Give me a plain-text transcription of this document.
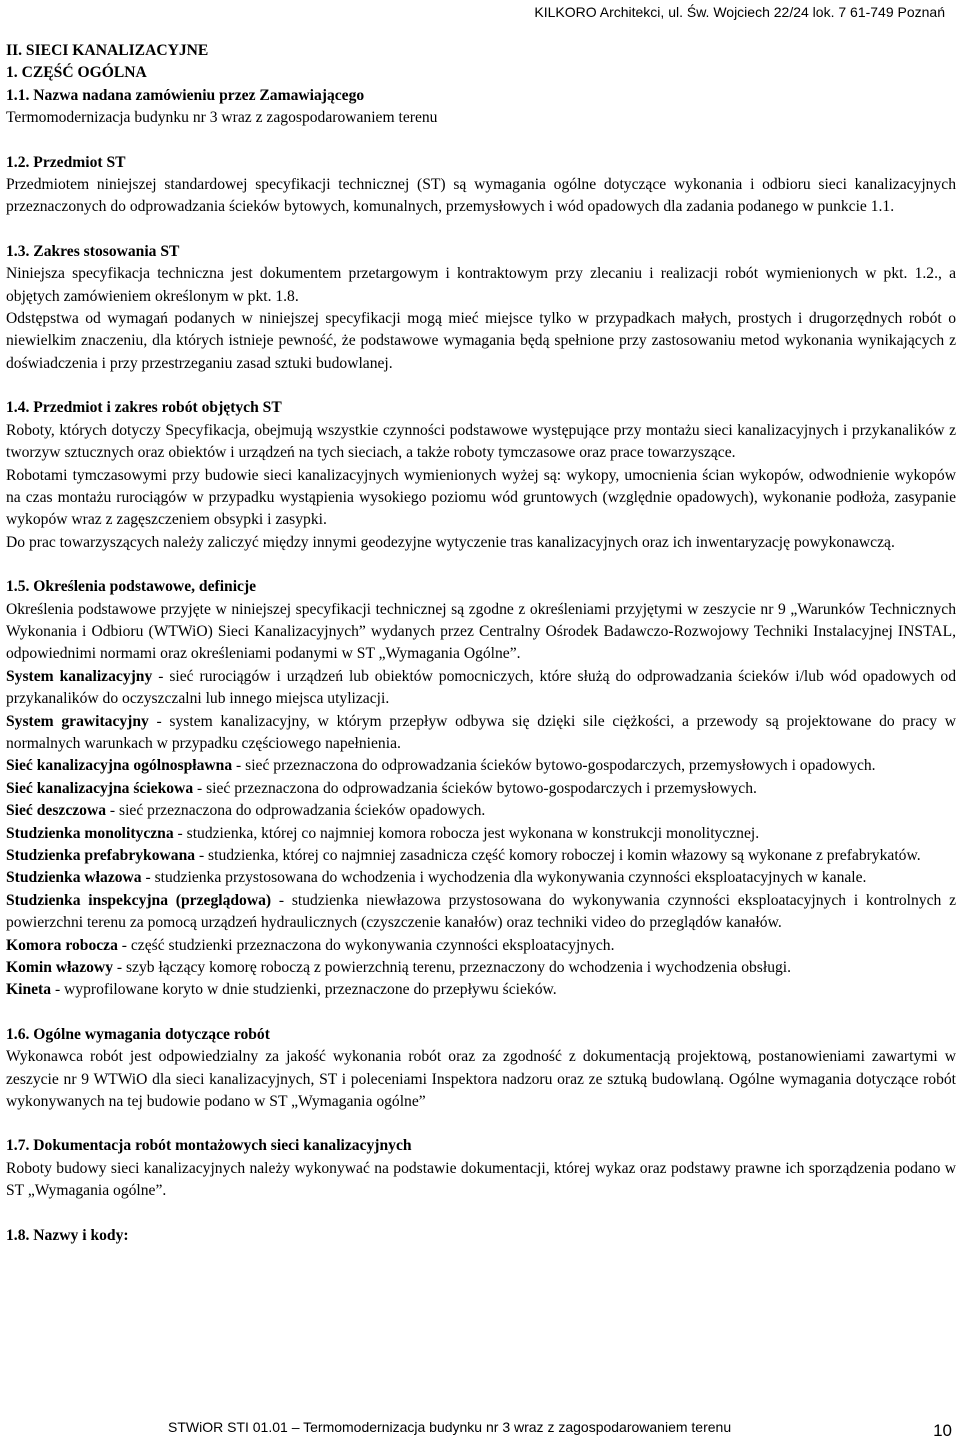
KILKORO Architekci, ul. Św. Wojciech 22/24 lok. 7 61-749 Poznań
II. SIECI KANALIZACYJNE
1. CZĘŚĆ OGÓLNA
1.1. Nazwa nadana zamówieniu przez Zamawiającego
Termomodernizacja budynku nr 3 wraz z zagospodarowaniem terenu
1.2. Przedmiot ST
Przedmiotem niniejszej standardowej specyfikacji technicznej (ST) są wymagania ogólne dotyczące wykonania i odbioru sieci kanalizacyjnych przeznaczonych do odprowadzania ścieków bytowych, komunalnych, przemysłowych i wód opadowych dla zadania podanego w punkcie 1.1.
1.3. Zakres stosowania ST
Niniejsza specyfikacja techniczna jest dokumentem przetargowym i kontraktowym przy zlecaniu i realizacji robót wymienionych w pkt. 1.2., a objętych zamówieniem określonym w pkt. 1.8.
Odstępstwa od wymagań podanych w niniejszej specyfikacji mogą mieć miejsce tylko w przypadkach małych, prostych i drugorzędnych robót o niewielkim znaczeniu, dla których istnieje pewność, że podstawowe wymagania będą spełnione przy zastosowaniu metod wykonania wynikających z doświadczenia i przy przestrzeganiu zasad sztuki budowlanej.
1.4. Przedmiot i zakres robót objętych ST
Roboty, których dotyczy Specyfikacja, obejmują wszystkie czynności podstawowe występujące przy montażu sieci kanalizacyjnych i przykanalików z tworzyw sztucznych oraz obiektów i urządzeń na tych sieciach, a także roboty tymczasowe oraz prace towarzyszące.
Robotami tymczasowymi przy budowie sieci kanalizacyjnych wymienionych wyżej są: wykopy, umocnienia ścian wykopów, odwodnienie wykopów na czas montażu rurociągów w przypadku wystąpienia wysokiego poziomu wód gruntowych (względnie opadowych), wykonanie podłoża, zasypanie wykopów wraz z zagęszczeniem obsypki i zasypki.
Do prac towarzyszących należy zaliczyć między innymi geodezyjne wytyczenie tras kanalizacyjnych oraz ich inwentaryzację powykonawczą.
1.5. Określenia podstawowe, definicje
Określenia podstawowe przyjęte w niniejszej specyfikacji technicznej są zgodne z określeniami przyjętymi w zeszycie nr 9 „Warunków Technicznych Wykonania i Odbioru (WTWiO) Sieci Kanalizacyjnych” wydanych przez Centralny Ośrodek Badawczo-Rozwojowy Techniki Instalacyjnej INSTAL, odpowiednimi normami oraz określeniami podanymi w ST „Wymagania Ogólne”.
System kanalizacyjny - sieć rurociągów i urządzeń lub obiektów pomocniczych, które służą do odprowadzania ścieków i/lub wód opadowych od przykanalików do oczyszczalni lub innego miejsca utylizacji.
System grawitacyjny - system kanalizacyjny, w którym przepływ odbywa się dzięki sile ciężkości, a przewody są projektowane do pracy w normalnych warunkach w przypadku częściowego napełnienia.
Sieć kanalizacyjna ogólnospławna - sieć przeznaczona do odprowadzania ścieków bytowo-gospodarczych, przemysłowych i opadowych.
Sieć kanalizacyjna ściekowa - sieć przeznaczona do odprowadzania ścieków bytowo-gospodarczych i przemysłowych.
Sieć deszczowa - sieć przeznaczona do odprowadzania ścieków opadowych.
Studzienka monolityczna - studzienka, której co najmniej komora robocza jest wykonana w konstrukcji monolitycznej.
Studzienka prefabrykowana - studzienka, której co najmniej zasadnicza część komory roboczej i komin włazowy są wykonane z prefabrykatów.
Studzienka włazowa - studzienka przystosowana do wchodzenia i wychodzenia dla wykonywania czynności eksploatacyjnych w kanale.
Studzienka inspekcyjna (przeglądowa) - studzienka niewłazowa przystosowana do wykonywania czynności eksploatacyjnych i kontrolnych z powierzchni terenu za pomocą urządzeń hydraulicznych (czyszczenie kanałów) oraz techniki video do przeglądów kanałów.
Komora robocza - część studzienki przeznaczona do wykonywania czynności eksploatacyjnych.
Komin włazowy - szyb łączący komorę roboczą z powierzchnią terenu, przeznaczony do wchodzenia i wychodzenia obsługi.
Kineta - wyprofilowane koryto w dnie studzienki, przeznaczone do przepływu ścieków.
1.6. Ogólne wymagania dotyczące robót
Wykonawca robót jest odpowiedzialny za jakość wykonania robót oraz za zgodność z dokumentacją projektową, postanowieniami zawartymi w zeszycie nr 9 WTWiO dla sieci kanalizacyjnych, ST i poleceniami Inspektora nadzoru oraz ze sztuką budowlaną. Ogólne wymagania dotyczące robót wykonywanych na tej budowie podano w ST „Wymagania ogólne”
1.7. Dokumentacja robót montażowych sieci kanalizacyjnych
Roboty budowy sieci kanalizacyjnych należy wykonywać na podstawie dokumentacji, której wykaz oraz podstawy prawne ich sporządzenia podano w ST „Wymagania ogólne”.
1.8. Nazwy i kody:
STWiOR STI 01.01 – Termomodernizacja budynku nr 3 wraz z zagospodarowaniem terenu	10
